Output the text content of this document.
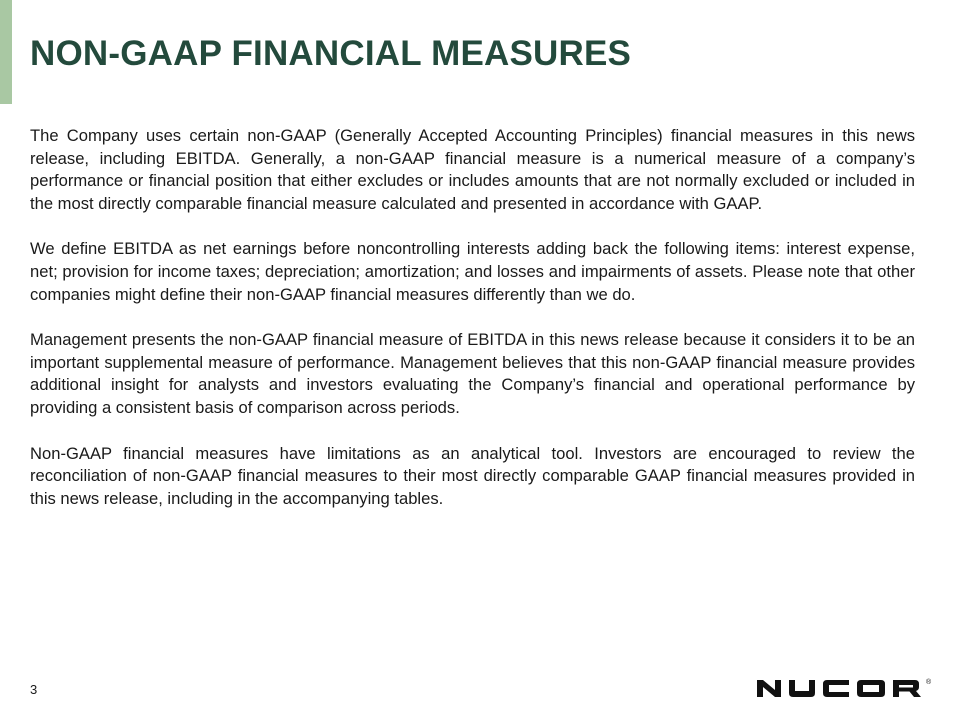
NON-GAAP FINANCIAL MEASURES

The Company uses certain non-GAAP (Generally Accepted Accounting Principles) financial measures in this news release, including EBITDA. Generally, a non-GAAP financial measure is a numerical measure of a company’s performance or financial position that either excludes or includes amounts that are not normally excluded or included in the most directly comparable financial measure calculated and presented in accordance with GAAP.

We define EBITDA as net earnings before noncontrolling interests adding back the following items: interest expense, net; provision for income taxes; depreciation; amortization; and losses and impairments of assets. Please note that other companies might define their non-GAAP financial measures differently than we do.

Management presents the non-GAAP financial measure of EBITDA in this news release because it considers it to be an important supplemental measure of performance. Management believes that this non-GAAP financial measure provides additional insight for analysts and investors evaluating the Company’s financial and operational performance by providing a consistent basis of comparison across periods.

Non-GAAP financial measures have limitations as an analytical tool. Investors are encouraged to review the reconciliation of non-GAAP financial measures to their most directly comparable GAAP financial measures provided in this news release, including in the accompanying tables.

3	®
